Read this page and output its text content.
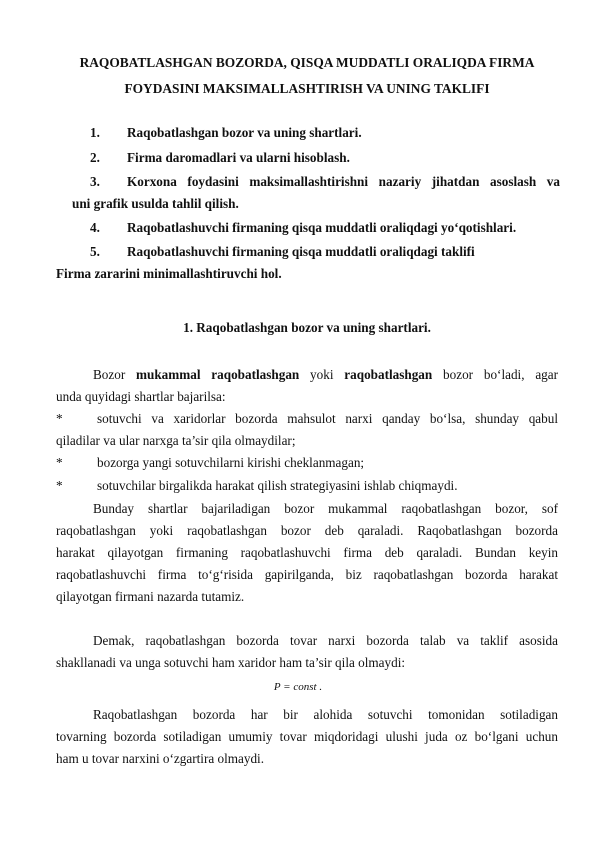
RAQOBATLASHGAN BOZORDA, QISQA MUDDATLI ORALIQDA FIRMA
FOYDASINI MAKSIMALLASHTIRISH VA UNING TAKLIFI
1. Raqobatlashgan bozor va uning shartlari.
2. Firma daromadlari va ularni hisoblash.
3. Korxona foydasini maksimallashtirishni nazariy jihatdan asoslash va
uni grafik usulda tahlil qilish.
4. Raqobatlashuvchi firmaning qisqa muddatli oraliqdagi yo‘qotishlari.
5. Raqobatlashuvchi firmaning qisqa muddatli oraliqdagi taklifi
Firma zararini minimallashtiruvchi hol.
1. Raqobatlashgan bozor va uning shartlari.
Bozor mukammal raqobatlashgan yoki raqobatlashgan bozor bo‘ladi, agar
unda quyidagi shartlar bajarilsa:
*	sotuvchi va xaridorlar bozorda mahsulot narxi qanday bo‘lsa, shunday qabul
qiladilar va ular narxga ta’sir qila olmaydilar;
*	bozorga yangi sotuvchilarni kirishi cheklanmagan;
*	sotuvchilar birgalikda harakat qilish strategiyasini ishlab chiqmaydi.
Bunday shartlar bajariladigan bozor mukammal raqobatlashgan bozor, sof
raqobatlashgan yoki raqobatlashgan bozor deb qaraladi. Raqobatlashgan bozorda
harakat qilayotgan firmaning raqobatlashuvchi firma deb qaraladi. Bundan keyin
raqobatlashuvchi firma to‘g‘risida gapirilganda, biz raqobatlashgan bozorda harakat
qilayotgan firmani nazarda tutamiz.
Demak, raqobatlashgan bozorda tovar narxi bozorda talab va taklif asosida
shakllanadi va unga sotuvchi ham xaridor ham ta’sir qila olmaydi:
P = const .
Raqobatlashgan bozorda har bir alohida sotuvchi tomonidan sotiladigan
tovarning bozorda sotiladigan umumiy tovar miqdoridagi ulushi juda oz bo‘lgani uchun
ham u tovar narxini o‘zgartira olmaydi.
